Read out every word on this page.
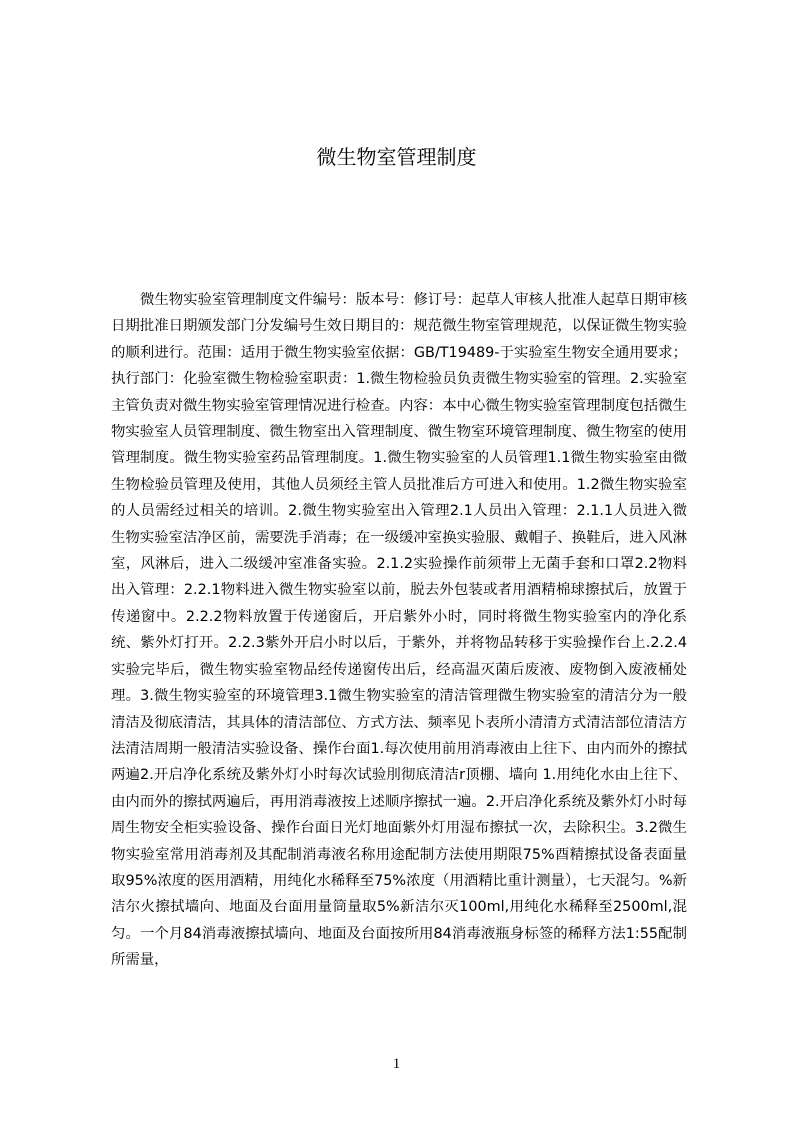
微生物室管理制度

微生物实验室管理制度文件编号：版本号：修订号：起草人审核人批准人起草日期审核日期批准日期颁发部门分发编号生效日期目的：规范微生物室管理规范，以保证微生物实验的顺利进行。范围：适用于微生物实验室依据：GB/T19489-于实验室生物安全通用要求；执行部门：化验室微生物检验室职责：1.微生物检验员负责微生物实验室的管理。2.实验室主管负责对微生物实验室管理情况进行检查。内容：本中心微生物实验室管理制度包括微生物实验室人员管理制度、微生物室出入管理制度、微生物室环境管理制度、微生物室的使用管理制度。微生物实验室药品管理制度。1.微生物实验室的人员管理1.1微生物实验室由微生物检验员管理及使用，其他人员须经主管人员批准后方可进入和使用。1.2微生物实验室的人员需经过相关的培训。2.微生物实验室出入管理2.1人员出入管理：2.1.1人员进入微生物实验室洁净区前，需要洗手消毒；在一级缓冲室换实验服、戴帽子、换鞋后，进入风淋室，风淋后，进入二级缓冲室准备实验。2.1.2实验操作前须带上无菌手套和口罩2.2物料出入管理：2.2.1物料进入微生物实验室以前，脱去外包装或者用酒精棉球擦拭后，放置于传递窗中。2.2.2物料放置于传递窗后，开启紫外小时，同时将微生物实验室内的净化系统、紫外灯打开。2.2.3紫外开启小时以后，于紫外，并将物品转移于实验操作台上.2.2.4实验完毕后，微生物实验室物品经传递窗传出后，经高温灭菌后废液、废物倒入废液桶处理。3.微生物实验室的环境管理3.1微生物实验室的清洁管理微生物实验室的清洁分为一般清洁及彻底清洁，其具体的清洁部位、方式方法、频率见卜表所小清清方式清洁部位清洁方法清洁周期一般清洁实验设备、操作台面1.每次使用前用消毒液由上往下、由内而外的擦拭两遍2.开启净化系统及紫外灯小时每次试验刖彻底清洁r顶棚、墙向 1.用纯化水由上往下、由内而外的擦拭两遍后，再用消毒液按上述顺序擦拭一遍。2.开启净化系统及紫外灯小时每周生物安全柜实验设备、操作台面日光灯地面紫外灯用湿布擦拭一次，去除积尘。3.2微生物实验室常用消毒剂及其配制消毒液名称用途配制方法使用期限75%酉精擦拭设备表面量取95%浓度的医用酒精，用纯化水稀释至75%浓度（用酒精比重计测量），七天混匀。%新洁尔火擦拭墙向、地面及台面用量筒量取5%新洁尔灭100ml,用纯化水稀释至2500ml,混匀。一个月84消毒液擦拭墙向、地面及台面按所用84消毒液瓶身标签的稀释方法1:55配制所需量，

1
